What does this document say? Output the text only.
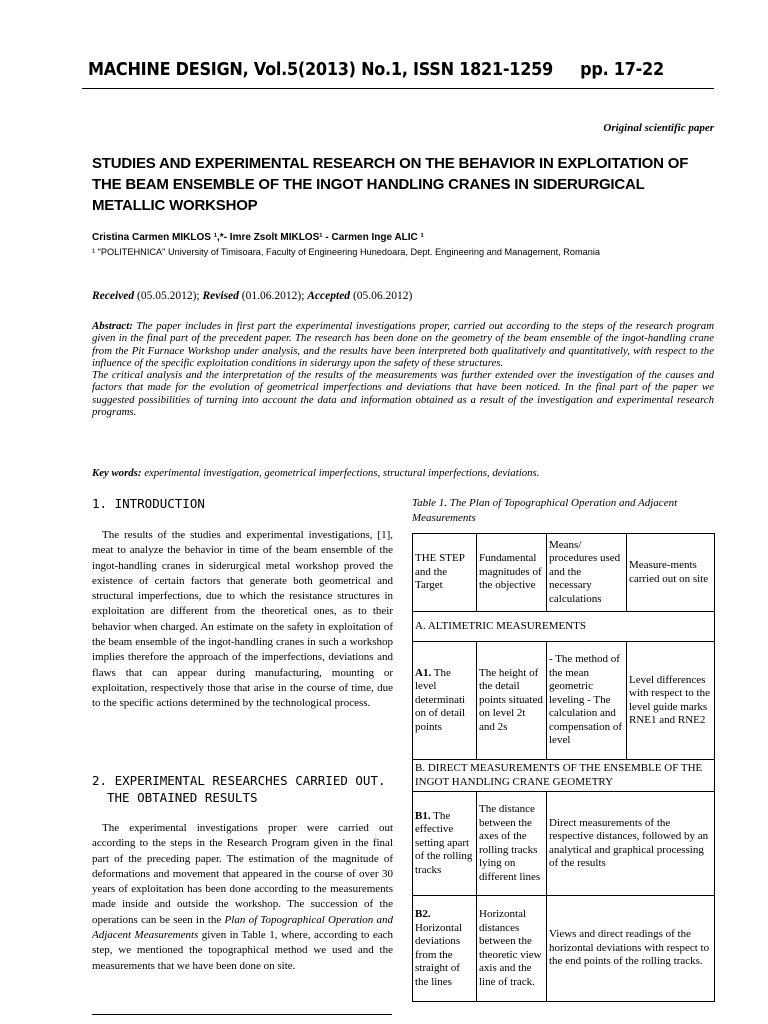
MACHINE DESIGN, Vol.5(2013) No.1, ISSN 1821-1259 pp. 17-22
Original scientific paper
STUDIES AND EXPERIMENTAL RESEARCH ON THE BEHAVIOR IN EXPLOITATION OF THE BEAM ENSEMBLE OF THE INGOT HANDLING CRANES IN SIDERURGICAL METALLIC WORKSHOP
Cristina Carmen MIKLOS ¹,*- Imre Zsolt MIKLOS¹ - Carmen Inge ALIC ¹
¹ "POLITEHNICA" University of Timisoara, Faculty of Engineering Hunedoara, Dept. Engineering and Management, Romania
Received (05.05.2012); Revised (01.06.2012); Accepted (05.06.2012)

Abstract: The paper includes in first part the experimental investigations proper, carried out according to the steps of the research program given in the final part of the precedent paper. The research has been done on the geometry of the beam ensemble of the ingot-handling crane from the Pit Furnace Workshop under analysis, and the results have been interpreted both qualitatively and quantitatively, with respect to the influence of the specific exploitation conditions in siderurgy upon the safety of these structures.

The critical analysis and the interpretation of the results of the measurements was further extended over the investigation of the causes and factors that made for the evolution of geometrical imperfections and deviations that have been noticed. In the final part of the paper we suggested possibilities of turning into account the data and information obtained as a result of the investigation and experimental research programs.

Key words: experimental investigation, geometrical imperfections, structural imperfections, deviations.
1. INTRODUCTION

The results of the studies and experimental investigations, [1], meat to analyze the behavior in time of the beam ensemble of the ingot-handling cranes in siderurgical metal workshop proved the existence of certain factors that generate both geometrical and structural imperfections, due to which the resistance structures in exploitation are different from the theoretical ones, as to their behavior when charged. An estimate on the safety in exploitation of the beam ensemble of the ingot-handling cranes in such a workshop implies therefore the approach of the imperfections, deviations and flaws that can appear during manufacturing, mounting or exploitation, respectively those that arise in the course of time, due to the specific actions determined by the technological process.

2. EXPERIMENTAL RESEARCHES CARRIED OUT. THE OBTAINED RESULTS

The experimental investigations proper were carried out according to the steps in the Research Program given in the final part of the preceding paper. The estimation of the magnitude of deformations and movement that appeared in the course of over 30 years of exploitation has been done according to the measurements made inside and outside the workshop. The succession of the operations can be seen in the Plan of Topographical Operation and Adjacent Measurements given in Table 1, where, according to each step, we mentioned the topographical method we used and the measurements that we have been done on site.

Table 1. The Plan of Topographical Operation and Adjacent Measurements
THE STEP and the Target	Fundamental magnitudes of the objective	Means/ procedures used and the necessary calculations	Measure-ments carried out on site
A. ALTIMETRIC MEASUREMENTS			
A1. The level determinati on of detail points	The height of the detail points situated on level 2t and 2s	- The method of the mean geometric leveling - The calculation and compensation of level	Level differences with respect to the level guide marks RNE1 and RNE2
B. DIRECT MEASUREMENTS OF THE ENSEMBLE OF THE INGOT HANDLING CRANE GEOMETRY			
B1. The effective setting apart of the rolling tracks	The distance between the axes of the rolling tracks lying on different lines	Direct measurements of the respective distances, followed by an analytical and graphical processing of the results	
B2. Horizontal deviations from the straight of the lines	Horizontal distances between the theoretic view axis and the line of track.	Views and direct readings of the horizontal deviations with respect to the end points of the rolling tracks.	
